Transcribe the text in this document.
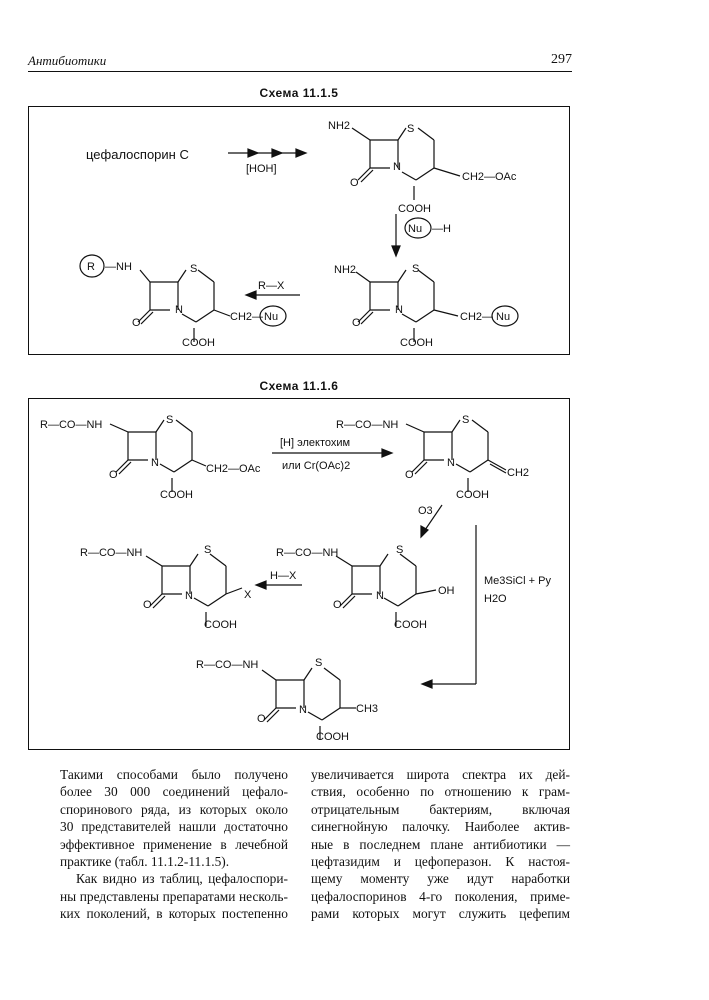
Антибиотики	297
Схема 11.1.5
Схема 11.1.6
цефалоспорин C
[HOH]
NH2	S
N
O
COOH
CH2—OAc
Nu —H
NH2	S
N
O
COOH
CH2— Nu
R—X
R —NH	S
N
O
COOH
CH2— Nu
R—CO—NH	S
N
O
COOH
CH2—OAc
[H] электохим
или Cr(OAc)2
R—CO—NH	S
N
O
COOH
CH2
O3
Me3SiCl + Py
H2O
R—CO—NH	S
N
O
COOH
OH
H—X
R—CO—NH	S
N
O
COOH
X
R—CO—NH	S
N
O
COOH
CH3

Такими способами было получено
более 30 000 соединений цефало-
споринового ряда, из которых около
30 представителей нашли достаточно
эффективное применение в лечебной
практике (табл. 11.1.2-11.1.5).

Как видно из таблиц, цефалоспори-
ны представлены препаратами несколь-
ких поколений, в которых постепенно

увеличивается широта спектра их дей-
ствия, особенно по отношению к грам-
отрицательным бактериям, включая
синегнойную палочку. Наиболее актив-
ные в последнем плане антибиотики —
цефтазидим и цефоперазон. К настоя-
щему моменту уже идут наработки
цефалоспоринов 4-го поколения, приме-
рами которых могут служить цефепим
